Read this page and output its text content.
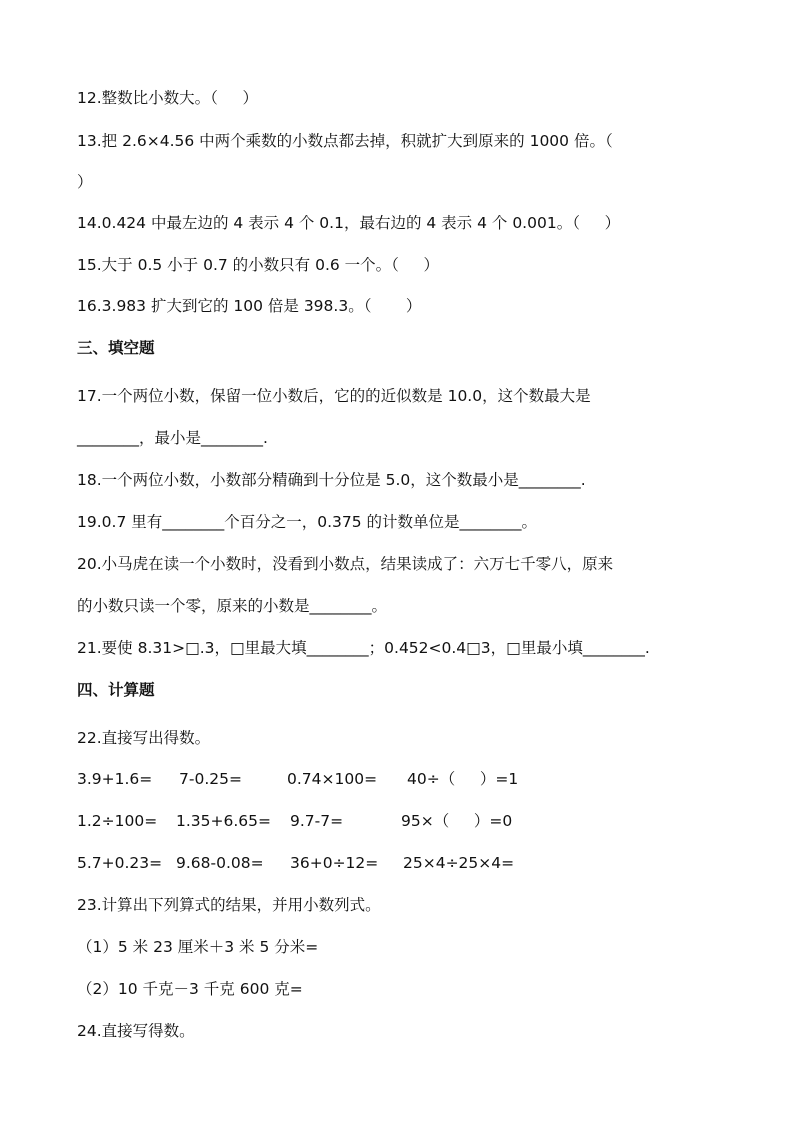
12.整数比小数大。（     ）
13.把 2.6×4.56 中两个乘数的小数点都去掉，积就扩大到原来的 1000 倍。（
）
14.0.424 中最左边的 4 表示 4 个 0.1，最右边的 4 表示 4 个 0.001。（     ）
15.大于 0.5 小于 0.7 的小数只有 0.6 一个。（     ）
16.3.983 扩大到它的 100 倍是 398.3。（       ）
三、填空题
17.一个两位小数，保留一位小数后，它的的近似数是 10.0，这个数最大是
________，最小是________.
18.一个两位小数，小数部分精确到十分位是 5.0，这个数最小是________.
19.0.7 里有________个百分之一，0.375 的计数单位是________。
20.小马虎在读一个小数时，没看到小数点，结果读成了：六万七千零八，原来
的小数只读一个零，原来的小数是________。
21.要使 8.31>□.3，□里最大填________；0.452<0.4□3，□里最小填________.
四、计算题
22.直接写出得数。
3.9+1.6= 7-0.25=	0.74×100= 40÷（     ）=1
1.2÷100= 1.35+6.65= 9.7-7=	95×（     ）=0
5.7+0.23= 9.68-0.08= 36+0÷12= 25×4÷25×4=
23.计算出下列算式的结果，并用小数列式。
（1）5 米 23 厘米＋3 米 5 分米=
（2）10 千克－3 千克 600 克=
24.直接写得数。
